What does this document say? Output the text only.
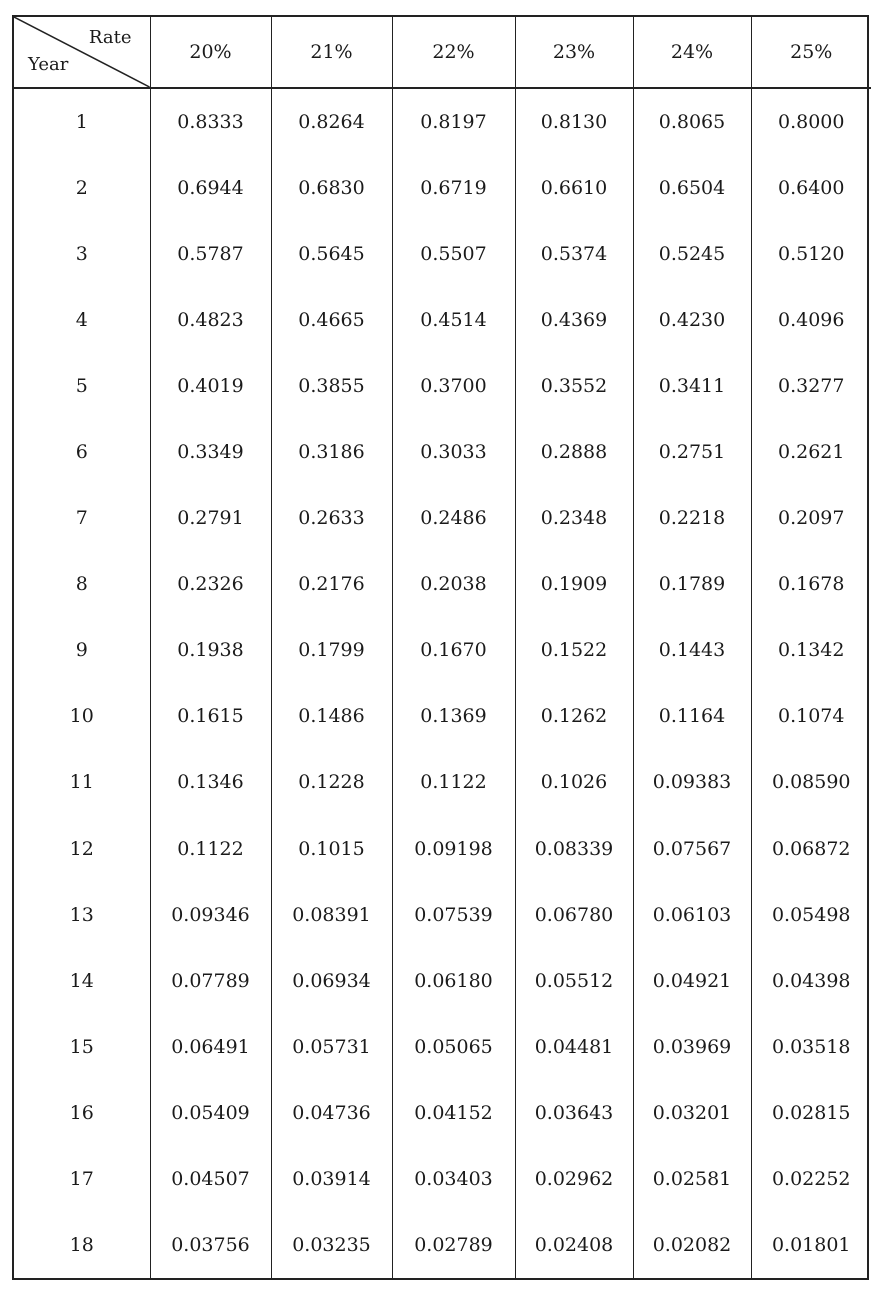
Rate
Year	20%	21%	22%	23%	24%	25%
1	0.8333	0.8264	0.8197	0.8130	0.8065	0.8000
2	0.6944	0.6830	0.6719	0.6610	0.6504	0.6400
3	0.5787	0.5645	0.5507	0.5374	0.5245	0.5120
4	0.4823	0.4665	0.4514	0.4369	0.4230	0.4096
5	0.4019	0.3855	0.3700	0.3552	0.3411	0.3277
6	0.3349	0.3186	0.3033	0.2888	0.2751	0.2621
7	0.2791	0.2633	0.2486	0.2348	0.2218	0.2097
8	0.2326	0.2176	0.2038	0.1909	0.1789	0.1678
9	0.1938	0.1799	0.1670	0.1522	0.1443	0.1342
10	0.1615	0.1486	0.1369	0.1262	0.1164	0.1074
11	0.1346	0.1228	0.1122	0.1026	0.09383	0.08590
12	0.1122	0.1015	0.09198	0.08339	0.07567	0.06872
13	0.09346	0.08391	0.07539	0.06780	0.06103	0.05498
14	0.07789	0.06934	0.06180	0.05512	0.04921	0.04398
15	0.06491	0.05731	0.05065	0.04481	0.03969	0.03518
16	0.05409	0.04736	0.04152	0.03643	0.03201	0.02815
17	0.04507	0.03914	0.03403	0.02962	0.02581	0.02252
18	0.03756	0.03235	0.02789	0.02408	0.02082	0.01801
